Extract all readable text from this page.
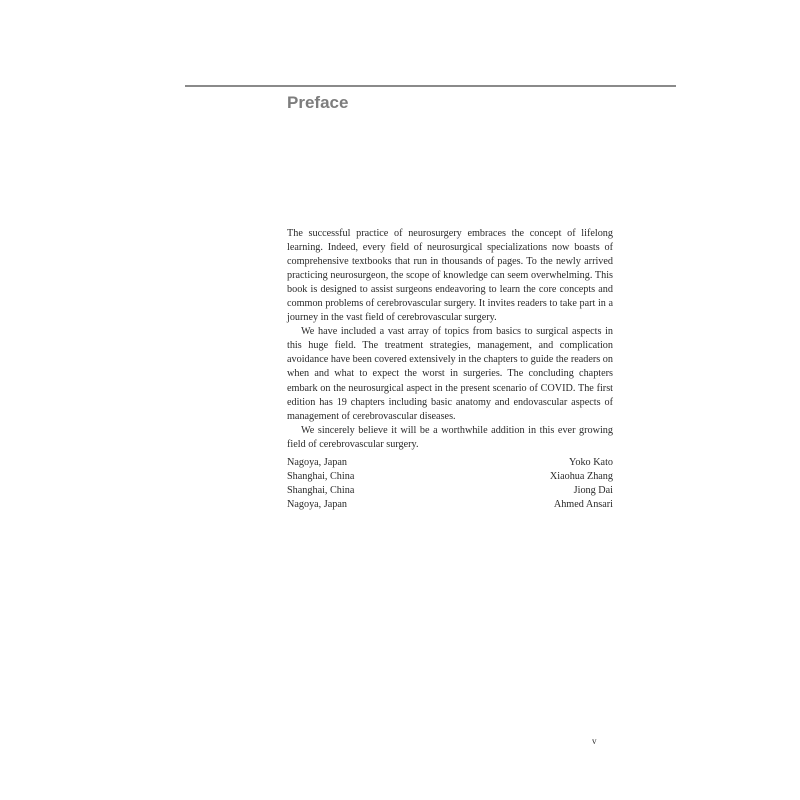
Preface

The successful practice of neurosurgery embraces the concept of lifelong learning. Indeed, every field of neurosurgical specializations now boasts of comprehensive textbooks that run in thousands of pages. To the newly arrived practicing neurosurgeon, the scope of knowledge can seem overwhelming. This book is designed to assist surgeons endeavoring to learn the core concepts and common problems of cerebrovascular surgery. It invites readers to take part in a journey in the vast field of cerebrovascular surgery.

We have included a vast array of topics from basics to surgical aspects in this huge field. The treatment strategies, management, and complication avoidance have been covered extensively in the chapters to guide the readers on when and what to expect the worst in surgeries. The concluding chapters embark on the neurosurgical aspect in the present scenario of COVID. The first edition has 19 chapters including basic anatomy and endovascular aspects of management of cerebrovascular diseases.

We sincerely believe it will be a worthwhile addition in this ever growing field of cerebrovascular surgery.

Nagoya, Japan	Yoko Kato
Shanghai, China	Xiaohua Zhang
Shanghai, China	Jiong Dai
Nagoya, Japan	Ahmed Ansari
v
